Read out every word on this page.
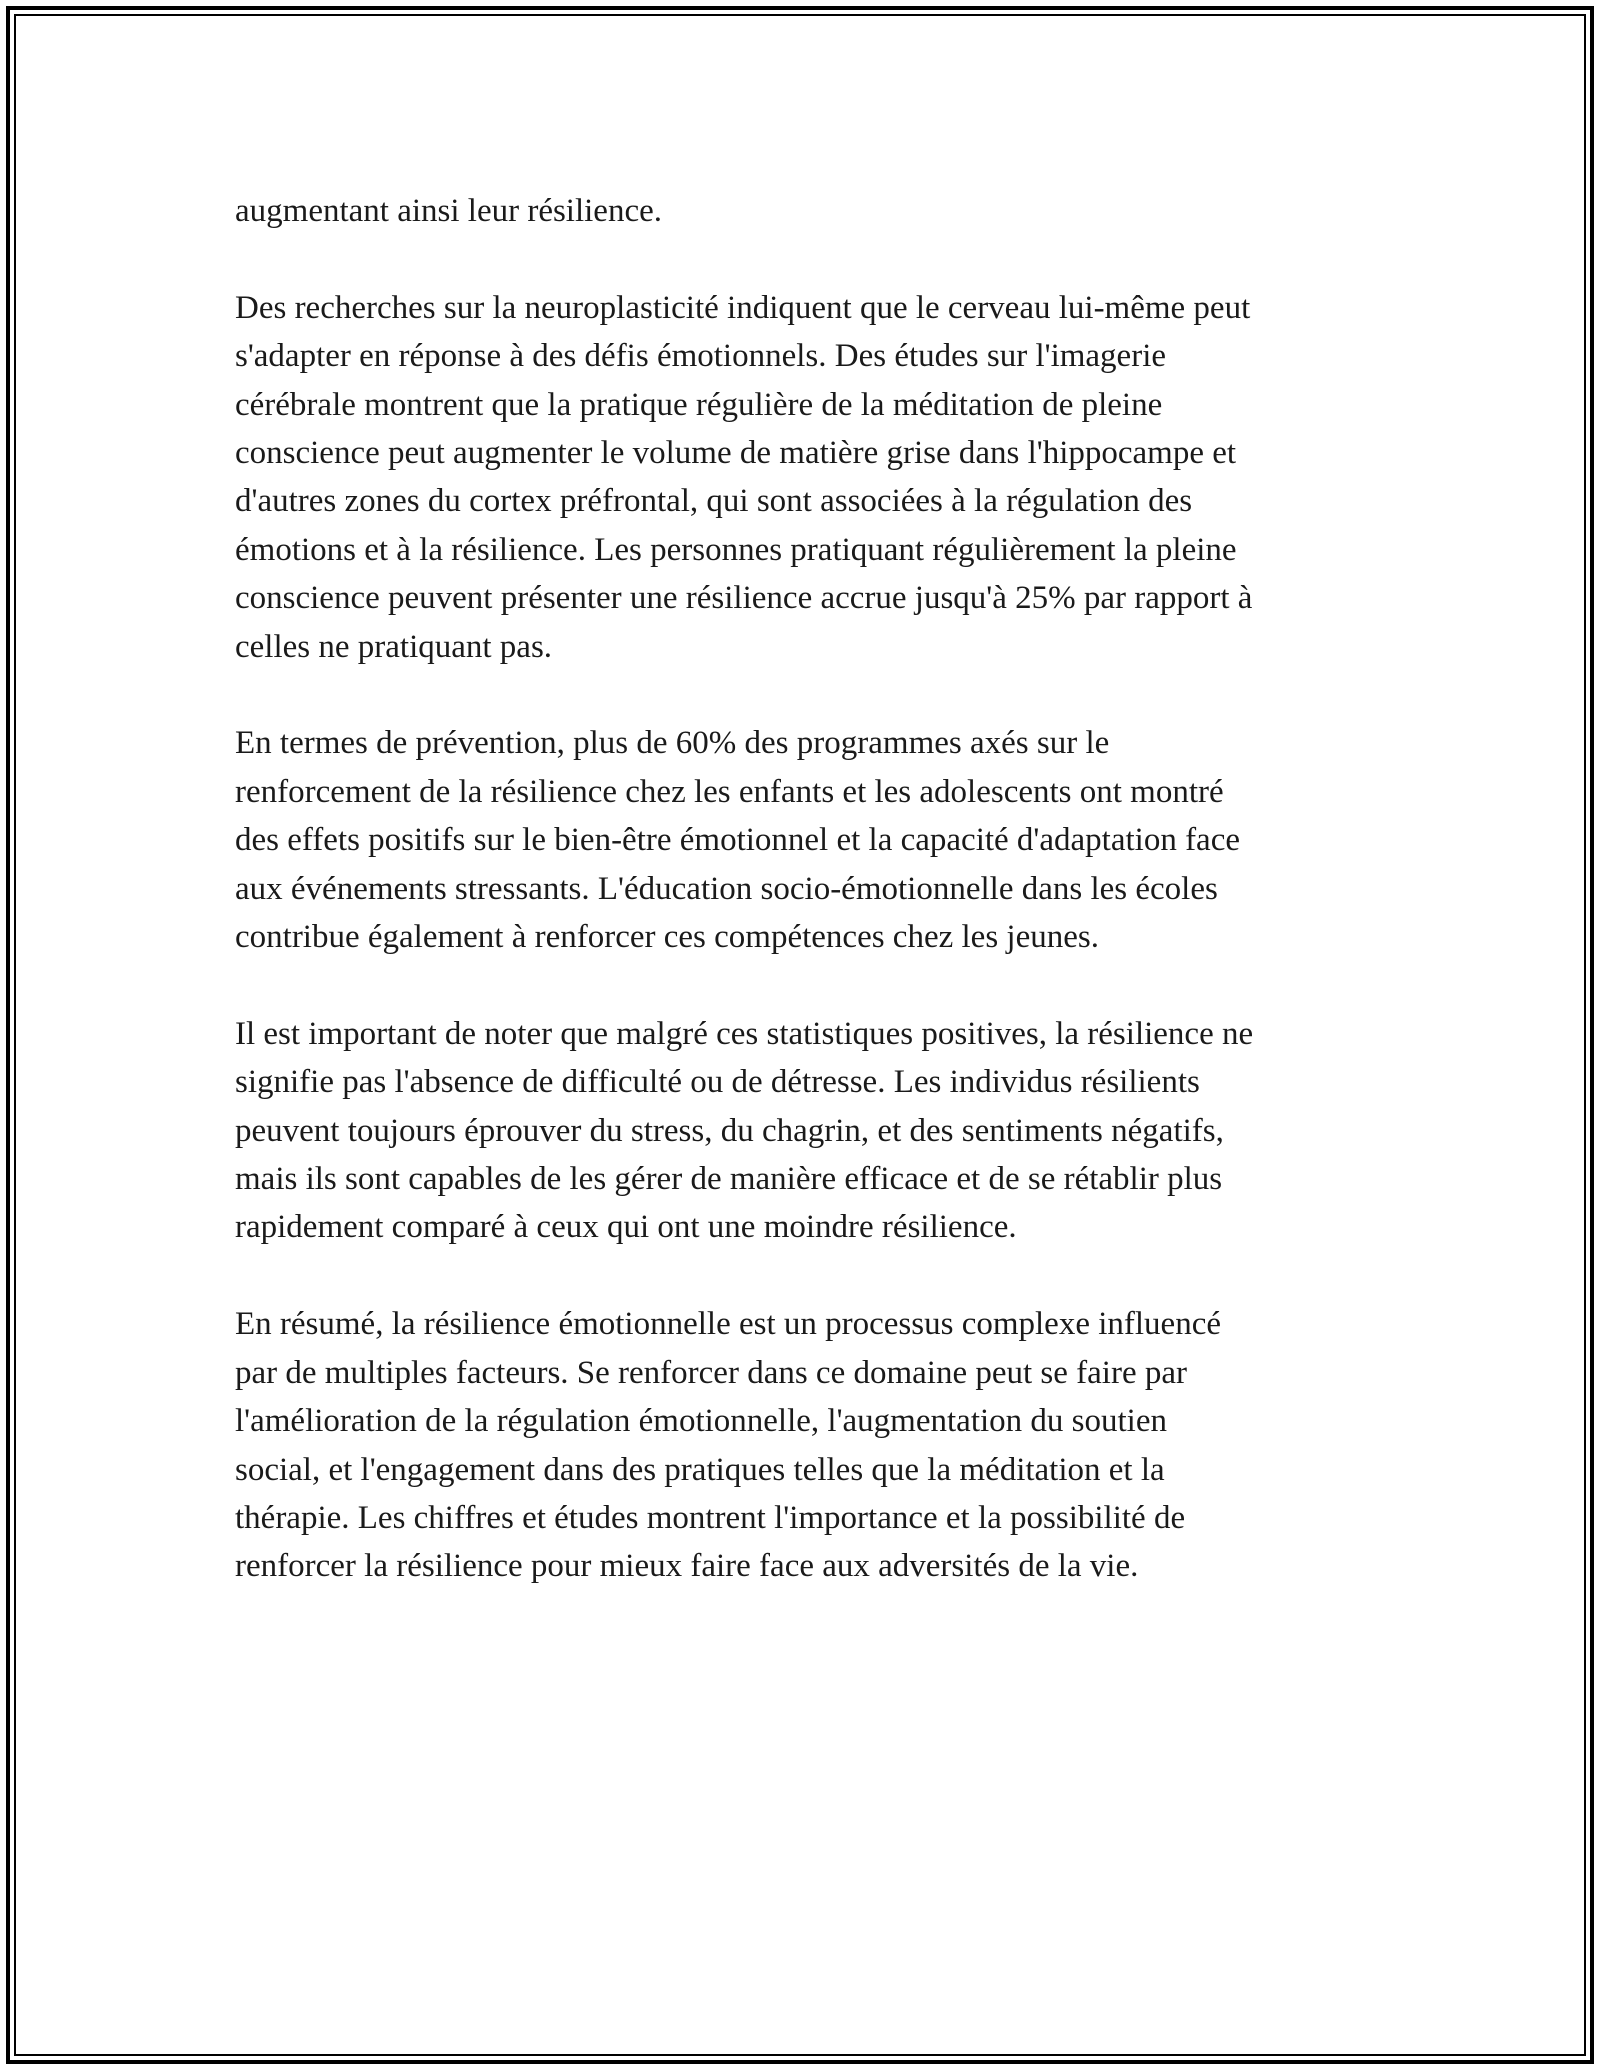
augmentant ainsi leur résilience.

Des recherches sur la neuroplasticité indiquent que le cerveau lui-même peut
s'adapter en réponse à des défis émotionnels. Des études sur l'imagerie
cérébrale montrent que la pratique régulière de la méditation de pleine
conscience peut augmenter le volume de matière grise dans l'hippocampe et
d'autres zones du cortex préfrontal, qui sont associées à la régulation des
émotions et à la résilience. Les personnes pratiquant régulièrement la pleine
conscience peuvent présenter une résilience accrue jusqu'à 25% par rapport à
celles ne pratiquant pas.

En termes de prévention, plus de 60% des programmes axés sur le
renforcement de la résilience chez les enfants et les adolescents ont montré
des effets positifs sur le bien-être émotionnel et la capacité d'adaptation face
aux événements stressants. L'éducation socio-émotionnelle dans les écoles
contribue également à renforcer ces compétences chez les jeunes.

Il est important de noter que malgré ces statistiques positives, la résilience ne
signifie pas l'absence de difficulté ou de détresse. Les individus résilients
peuvent toujours éprouver du stress, du chagrin, et des sentiments négatifs,
mais ils sont capables de les gérer de manière efficace et de se rétablir plus
rapidement comparé à ceux qui ont une moindre résilience.

En résumé, la résilience émotionnelle est un processus complexe influencé
par de multiples facteurs. Se renforcer dans ce domaine peut se faire par
l'amélioration de la régulation émotionnelle, l'augmentation du soutien
social, et l'engagement dans des pratiques telles que la méditation et la
thérapie. Les chiffres et études montrent l'importance et la possibilité de
renforcer la résilience pour mieux faire face aux adversités de la vie.
